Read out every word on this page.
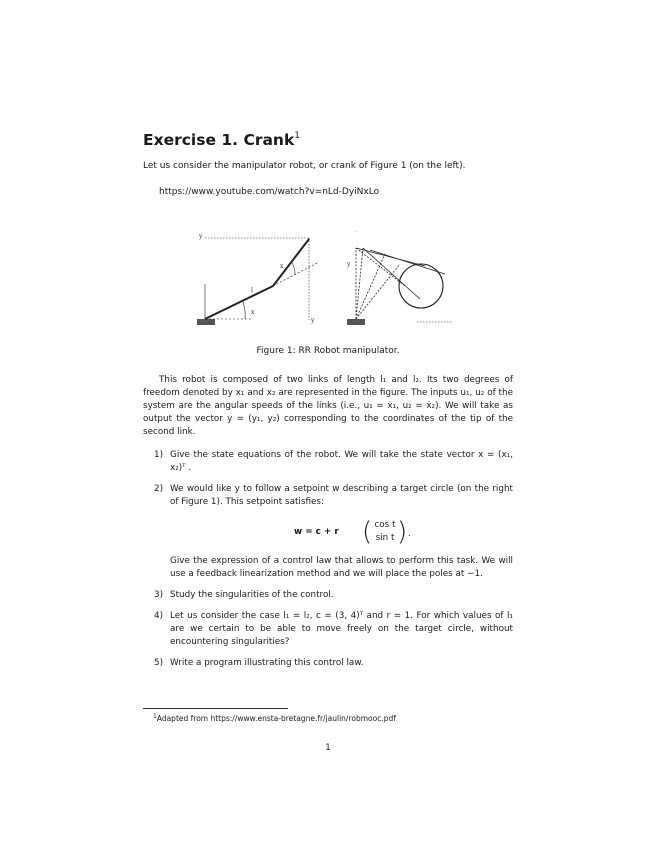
Exercise 1. Crank$^1$
Let us consider the manipulator robot, or crank of Figure 1 (on the left).
https://www.youtube.com/watch?v=nLd-DyiNxLo
y
y
x
x
l
y
.
Figure 1: RR Robot manipulator.
This robot is composed of two links of length l₁ and l₂. Its two degrees of freedom denoted by x₁ and x₂ are represented in the figure. The inputs u₁, u₂ of the system are the angular speeds of the links (i.e., u₁ = ẋ₁, u₂ = ẋ₂). We will take as output the vector y = (y₁, y₂) corresponding to the coordinates of the tip of the second link.
1) Give the state equations of the robot. We will take the state vector x = (x₁, x₂)ᵀ .
2) We would like y to follow a setpoint w describing a target circle (on the right of Figure 1). This setpoint satisfies:
w = c + r ( cos t
sin t ) .
Give the expression of a control law that allows to perform this task. We will use a feedback linearization method and we will place the poles at −1.
3) Study the singularities of the control.
4) Let us consider the case l₁ = l₂, c = (3, 4)ᵀ and r = 1. For which values of l₁ are we certain to be able to move freely on the target circle, without encountering singularities?
5) Write a program illustrating this control law.
$^1$Adapted from https://www.ensta-bretagne.fr/jaulin/robmooc.pdf
1
